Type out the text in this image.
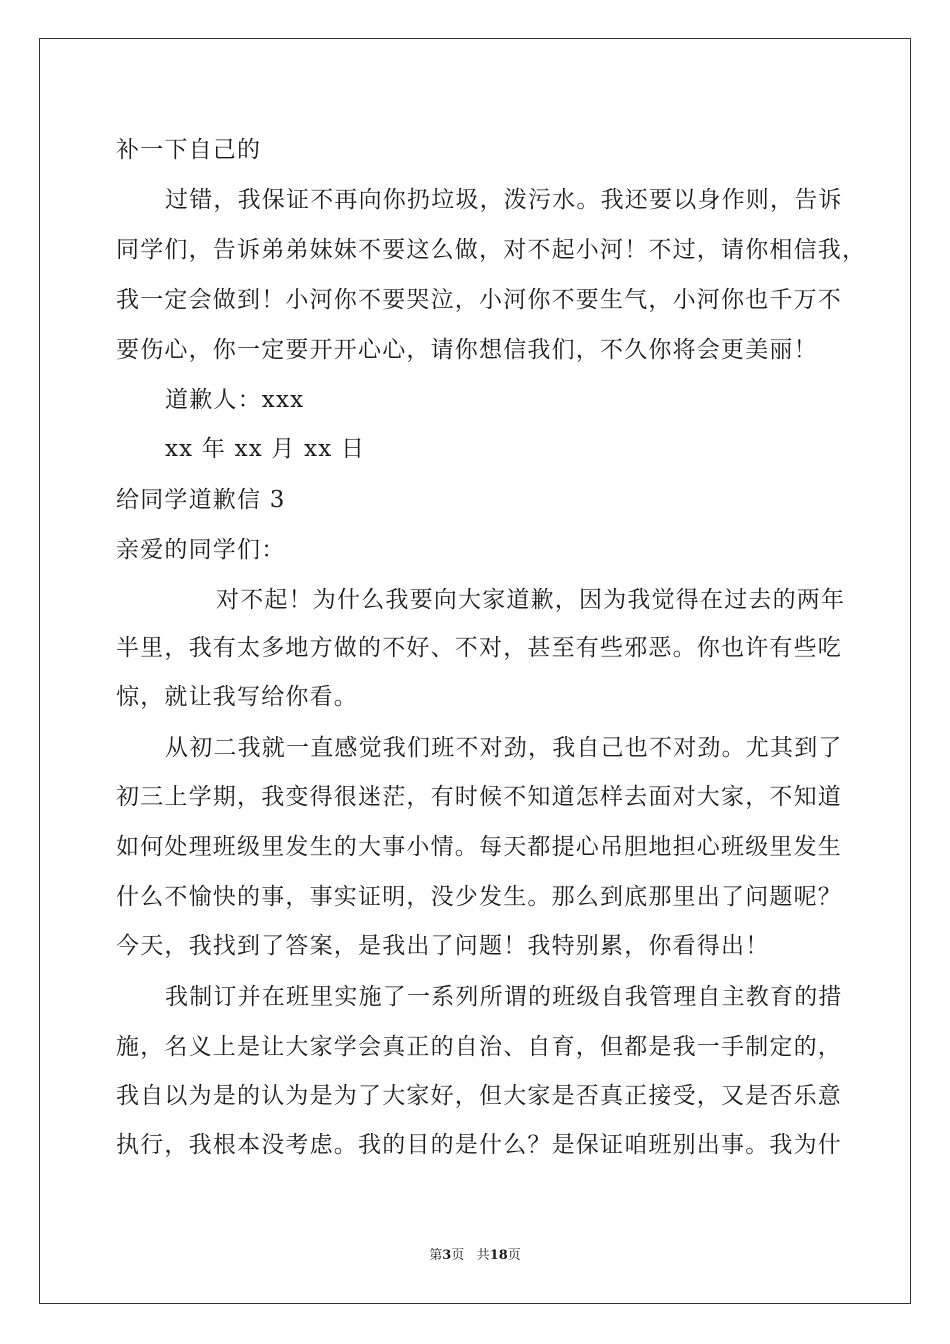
补一下自己的
过错，我保证不再向你扔垃圾，泼污水。我还要以身作则，告诉
同学们，告诉弟弟妹妹不要这么做，对不起小河！不过，请你相信我，
我一定会做到！小河你不要哭泣，小河你不要生气，小河你也千万不
要伤心，你一定要开开心心，请你想信我们，不久你将会更美丽！
道歉人：xxx
xx 年 xx 月 xx 日
给同学道歉信 3
亲爱的同学们：
对不起！为什么我要向大家道歉，因为我觉得在过去的两年
半里，我有太多地方做的不好、不对，甚至有些邪恶。你也许有些吃
惊，就让我写给你看。
从初二我就一直感觉我们班不对劲，我自己也不对劲。尤其到了
初三上学期，我变得很迷茫，有时候不知道怎样去面对大家，不知道
如何处理班级里发生的大事小情。每天都提心吊胆地担心班级里发生
什么不愉快的事，事实证明，没少发生。那么到底那里出了问题呢？
今天，我找到了答案，是我出了问题！我特别累，你看得出！
我制订并在班里实施了一系列所谓的班级自我管理自主教育的措
施，名义上是让大家学会真正的自治、自育，但都是我一手制定的，
我自以为是的认为是为了大家好，但大家是否真正接受，又是否乐意
执行，我根本没考虑。我的目的是什么？是保证咱班别出事。我为什
第3页 共18页
